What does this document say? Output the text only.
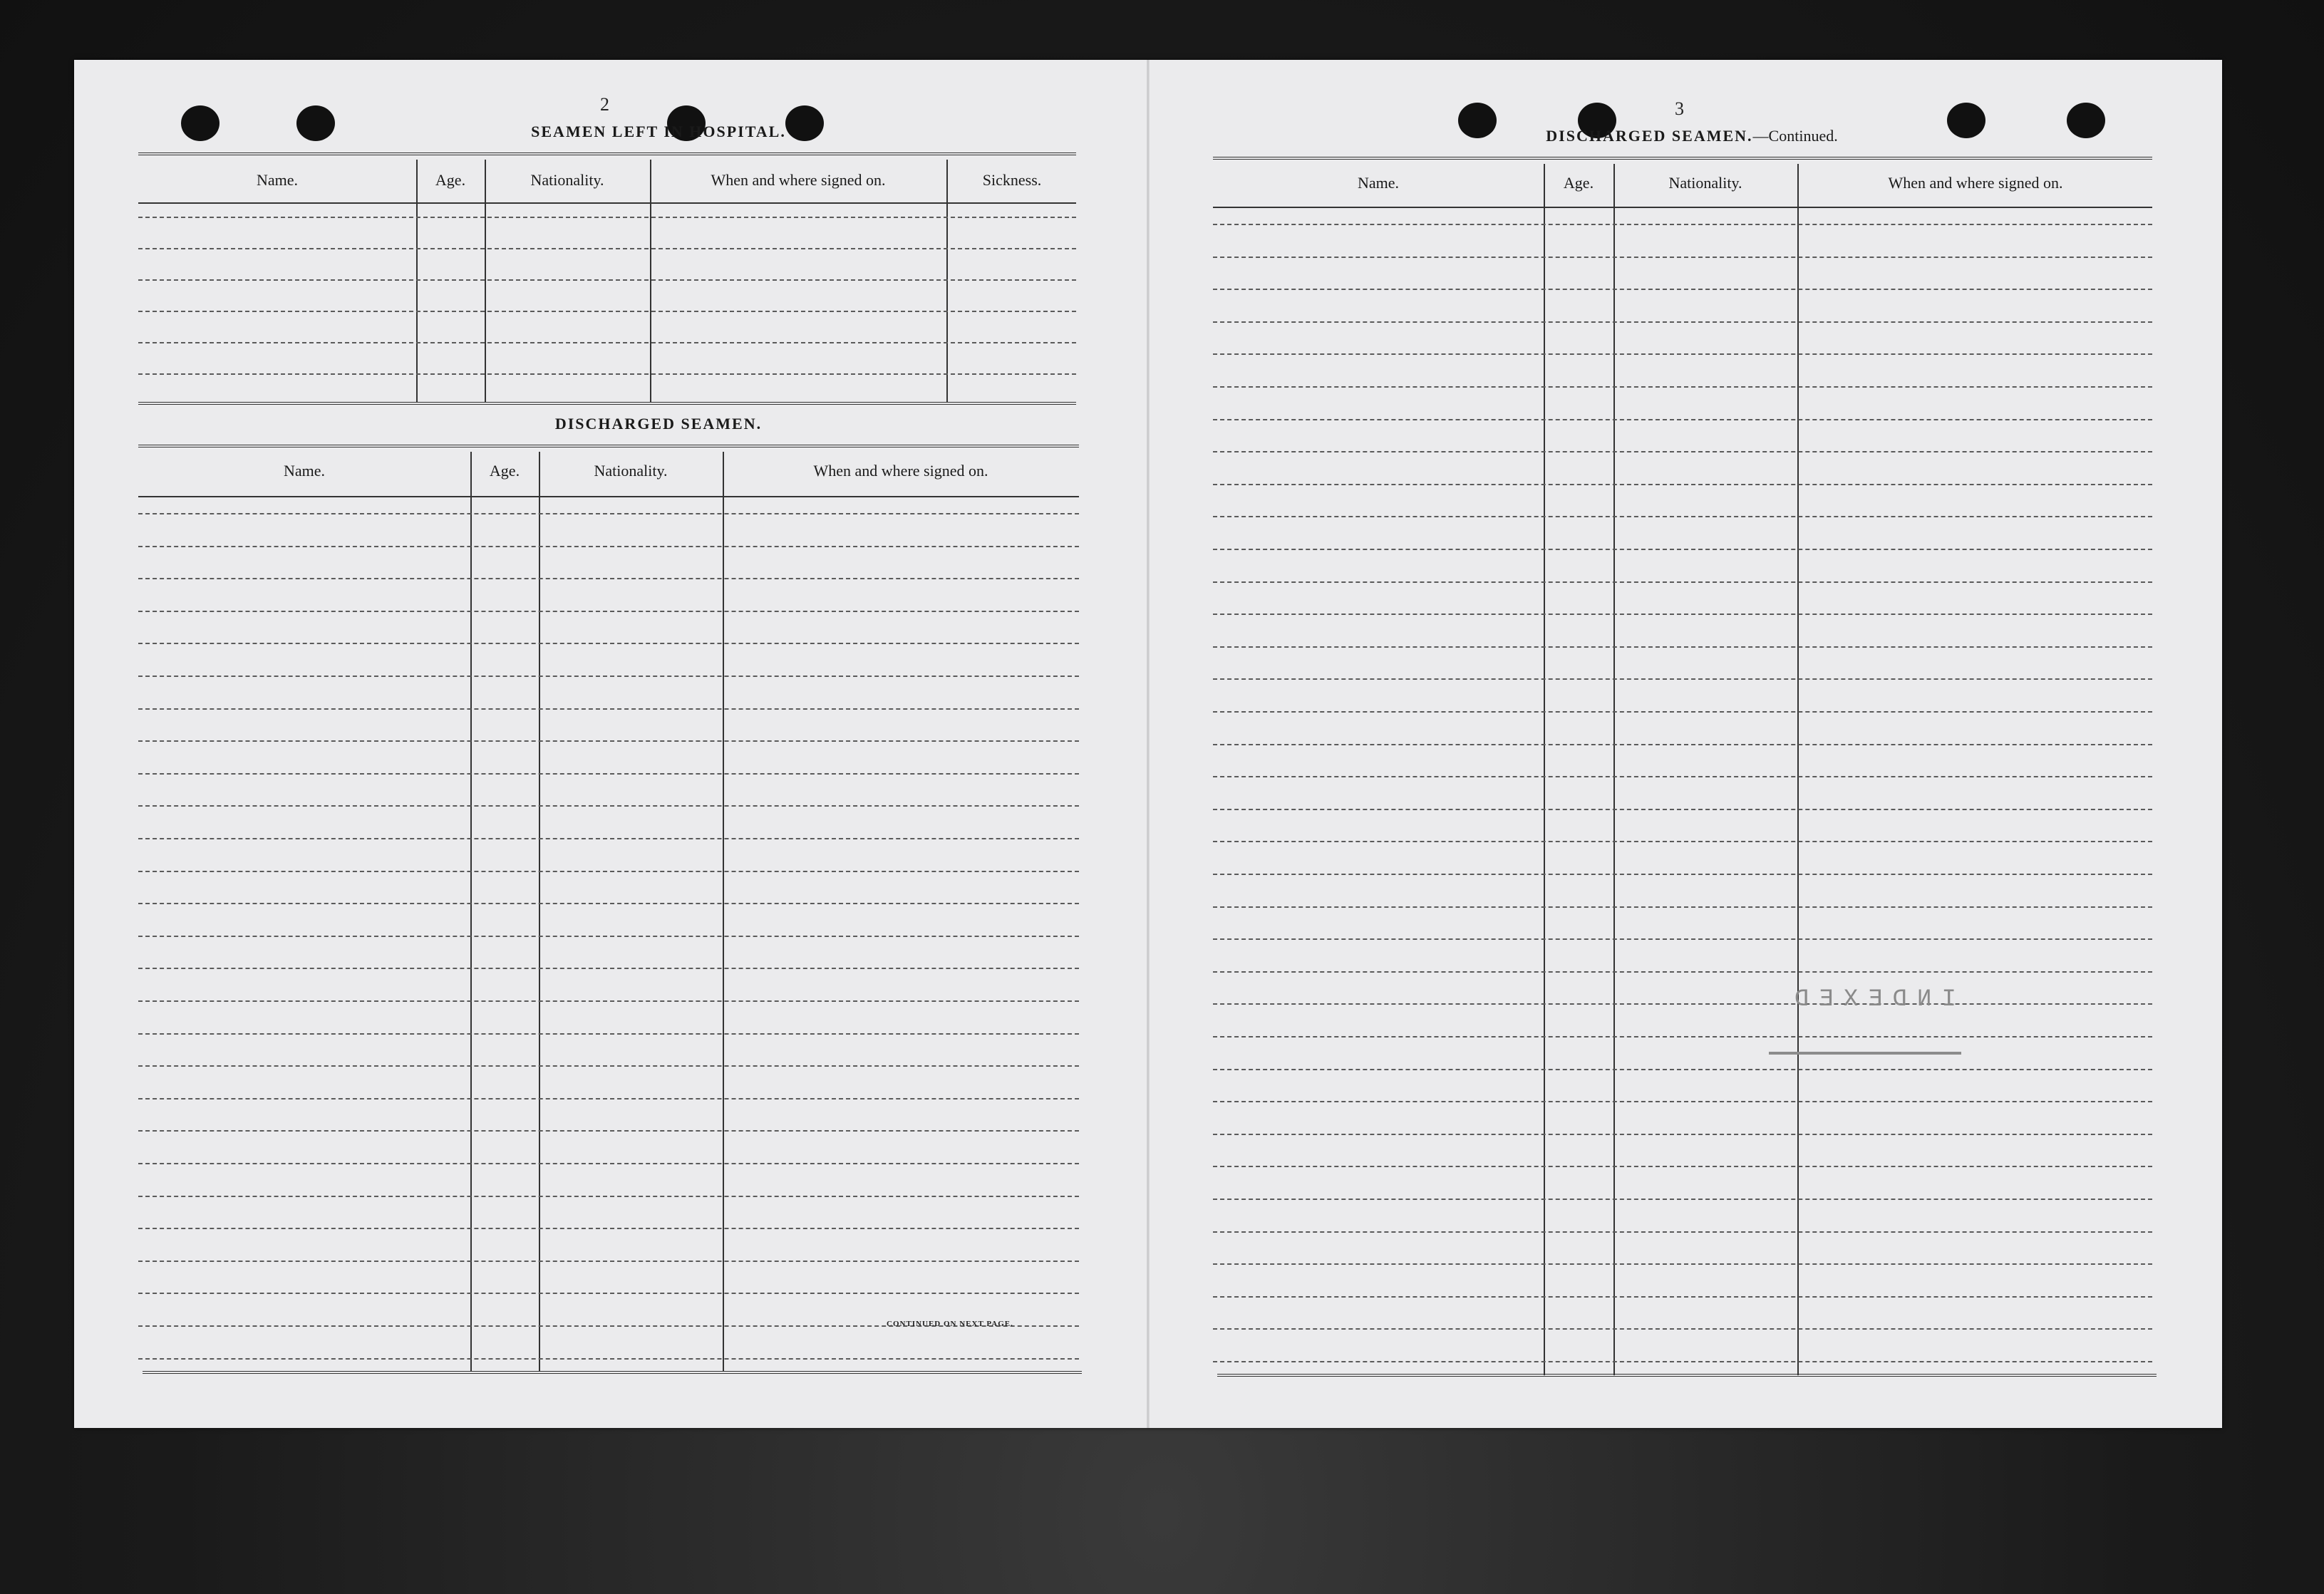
2
SEAMEN LEFT IN HOSPITAL.
Name.	Age.	Nationality.	When and where signed on.	Sickness.
DISCHARGED SEAMEN.
Name.	Age.	Nationality.	When and where signed on.
CONTINUED ON NEXT PAGE.
3
DISCHARGED SEAMEN.—Continued.
Name.	Age.	Nationality.	When and where signed on.
INDEXED
